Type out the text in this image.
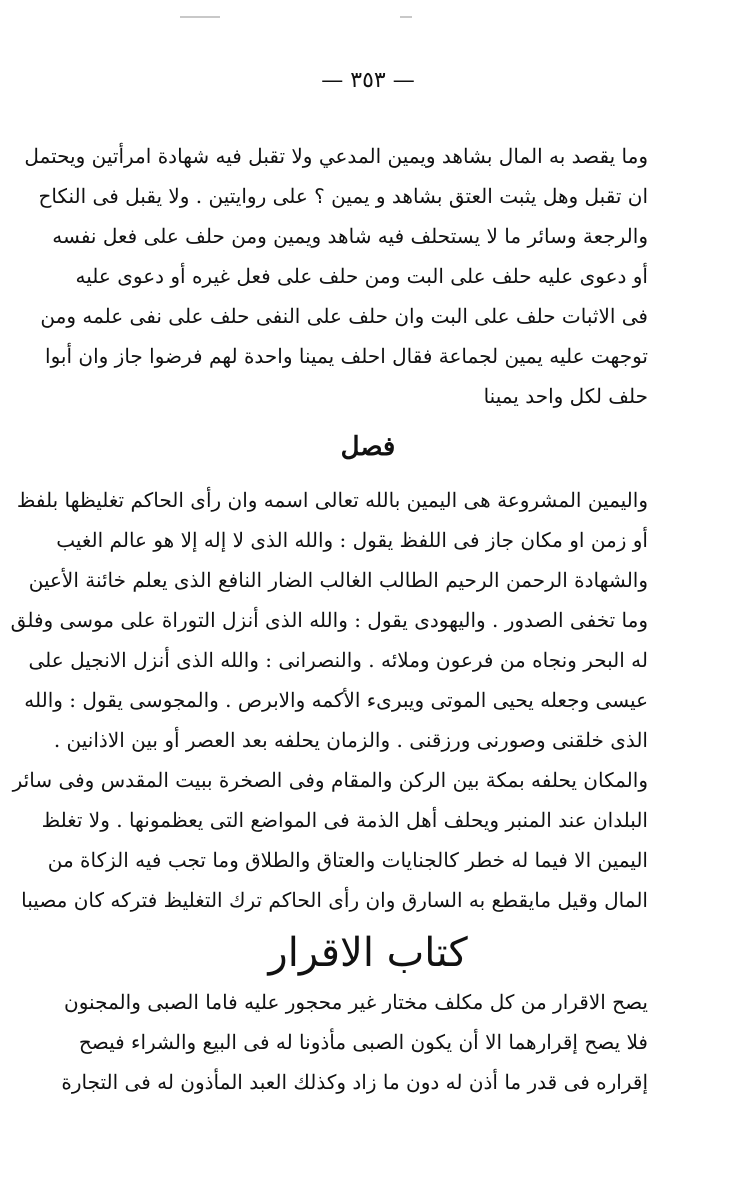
— ٣٥٣ —
وما يقصد به المال بشاهد ويمين المدعي ولا تقبل فيه شهادة امرأتين ويحتمل
ان تقبل وهل يثبت العتق بشاهد و يمين ؟ على روايتين . ولا يقبل فى النكاح
والرجعة وسائر ما لا يستحلف فيه شاهد ويمين ومن حلف على فعل نفسه
أو دعوى عليه حلف على البت ومن حلف على فعل غيره أو دعوى عليه
فى الاثبات حلف على البت وان حلف على النفى حلف على نفى علمه ومن
توجهت عليه يمين لجماعة فقال احلف يمينا واحدة لهم فرضوا جاز وان أبوا
حلف لكل واحد يمينا
فصل
واليمين المشروعة هى اليمين بالله تعالى اسمه وان رأى الحاكم تغليظها بلفظ
أو زمن او مكان جاز فى اللفظ يقول : والله الذى لا إله إلا هو عالم الغيب
والشهادة الرحمن الرحيم الطالب الغالب الضار النافع الذى يعلم خائنة الأعين
وما تخفى الصدور . واليهودى يقول : والله الذى أنزل التوراة على موسى وفلق
له البحر ونجاه من فرعون وملائه . والنصرانى : والله الذى أنزل الانجيل على
عيسى وجعله يحيى الموتى ويبرىء الأكمه والابرص . والمجوسى يقول : والله
الذى خلقنى وصورنى ورزقنى . والزمان يحلفه بعد العصر أو بين الاذانين .
والمكان يحلفه بمكة بين الركن والمقام وفى الصخرة ببيت المقدس وفى سائر
البلدان عند المنبر ويحلف أهل الذمة فى المواضع التى يعظمونها . ولا تغلظ
اليمين الا فيما له خطر كالجنايات والعتاق والطلاق وما تجب فيه الزكاة من
المال وقيل مايقطع به السارق وان رأى الحاكم ترك التغليظ فتركه كان مصيبا
كتاب الاقرار
يصح الاقرار من كل مكلف مختار غير محجور عليه فاما الصبى والمجنون
فلا يصح إقرارهما الا أن يكون الصبى مأذونا له فى البيع والشراء فيصح
إقراره فى قدر ما أذن له دون ما زاد وكذلك العبد المأذون له فى التجارة
